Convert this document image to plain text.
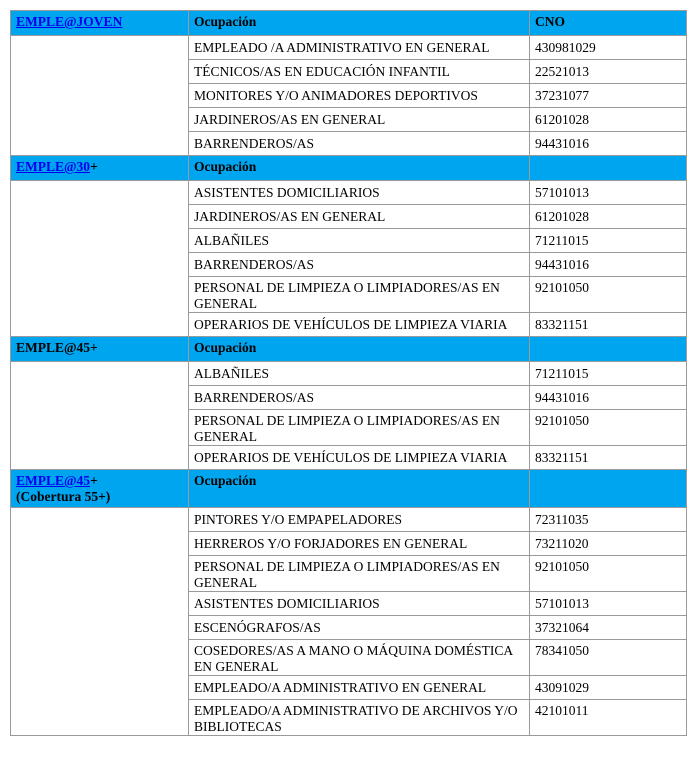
EMPLE@JOVEN	Ocupación	CNO
	EMPLEADO /A ADMINISTRATIVO EN GENERAL	430981029
	TÉCNICOS/AS EN EDUCACIÓN INFANTIL	22521013
	MONITORES Y/O ANIMADORES DEPORTIVOS	37231077
	JARDINEROS/AS EN GENERAL	61201028
	BARRENDEROS/AS	94431016
EMPLE@30+	Ocupación	
	ASISTENTES DOMICILIARIOS	57101013
	JARDINEROS/AS EN GENERAL	61201028
	ALBAÑILES	71211015
	BARRENDEROS/AS	94431016
	PERSONAL DE LIMPIEZA O LIMPIADORES/AS EN GENERAL	92101050
	OPERARIOS DE VEHÍCULOS DE LIMPIEZA VIARIA	83321151
EMPLE@45+	Ocupación	
	ALBAÑILES	71211015
	BARRENDEROS/AS	94431016
	PERSONAL DE LIMPIEZA O LIMPIADORES/AS EN GENERAL	92101050
	OPERARIOS DE VEHÍCULOS DE LIMPIEZA VIARIA	83321151
EMPLE@45+
(Cobertura 55+)	Ocupación	
	PINTORES Y/O EMPAPELADORES	72311035
	HERREROS Y/O FORJADORES EN GENERAL	73211020
	PERSONAL DE LIMPIEZA O LIMPIADORES/AS EN GENERAL	92101050
	ASISTENTES DOMICILIARIOS	57101013
	ESCENÓGRAFOS/AS	37321064
	COSEDORES/AS A MANO O MÁQUINA DOMÉSTICA EN GENERAL	78341050
	EMPLEADO/A ADMINISTRATIVO EN GENERAL	43091029
	EMPLEADO/A ADMINISTRATIVO DE ARCHIVOS Y/O BIBLIOTECAS	42101011
